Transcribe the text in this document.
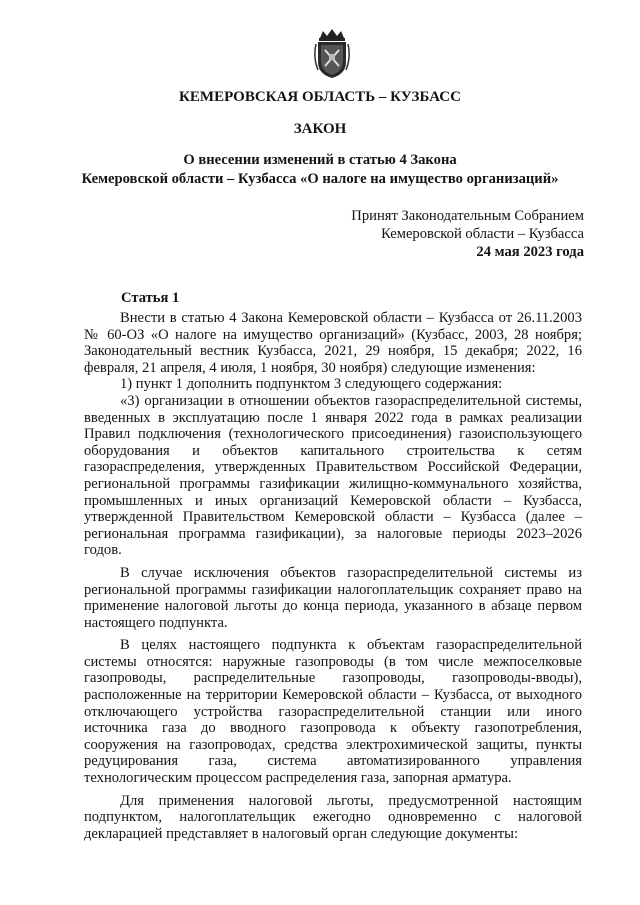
КЕМЕРОВСКАЯ ОБЛАСТЬ – КУЗБАСС
ЗАКОН
О внесении изменений в статью 4 Закона
Кемеровской области – Кузбасса «О налоге на имущество организаций»
Принят Законодательным Собранием
Кемеровской области – Кузбасса
24 мая 2023 года
Статья 1

Внести в статью 4 Закона Кемеровской области – Кузбасса от 26.11.2003 № 60-ОЗ «О налоге на имущество организаций» (Кузбасс, 2003, 28 ноября; Законодательный вестник Кузбасса, 2021, 29 ноября, 15 декабря; 2022, 16 февраля, 21 апреля, 4 июля, 1 ноября, 30 ноября) следующие изменения:

1) пункт 1 дополнить подпунктом 3 следующего содержания:

«3) организации в отношении объектов газораспределительной системы, введенных в эксплуатацию после 1 января 2022 года в рамках реализации Правил подключения (технологического присоединения) газоиспользующего оборудования и объектов капитального строительства к сетям газораспределения, утвержденных Правительством Российской Федерации, региональной программы газификации жилищно-коммунального хозяйства, промышленных и иных организаций Кемеровской области – Кузбасса, утвержденной Правительством Кемеровской области – Кузбасса (далее – региональная программа газификации), за налоговые периоды 2023–2026 годов.

В случае исключения объектов газораспределительной системы из региональной программы газификации налогоплательщик сохраняет право на применение налоговой льготы до конца периода, указанного в абзаце первом настоящего подпункта.

В целях настоящего подпункта к объектам газораспределительной системы относятся: наружные газопроводы (в том числе межпоселковые газопроводы, распределительные газопроводы, газопроводы-вводы), расположенные на территории Кемеровской области – Кузбасса, от выходного отключающего устройства газораспределительной станции или иного источника газа до вводного газопровода к объекту газопотребления, сооружения на газопроводах, средства электрохимической защиты, пункты редуцирования газа, система автоматизированного управления технологическим процессом распределения газа, запорная арматура.

Для применения налоговой льготы, предусмотренной настоящим подпунктом, налогоплательщик ежегодно одновременно с налоговой декларацией представляет в налоговый орган следующие документы:
